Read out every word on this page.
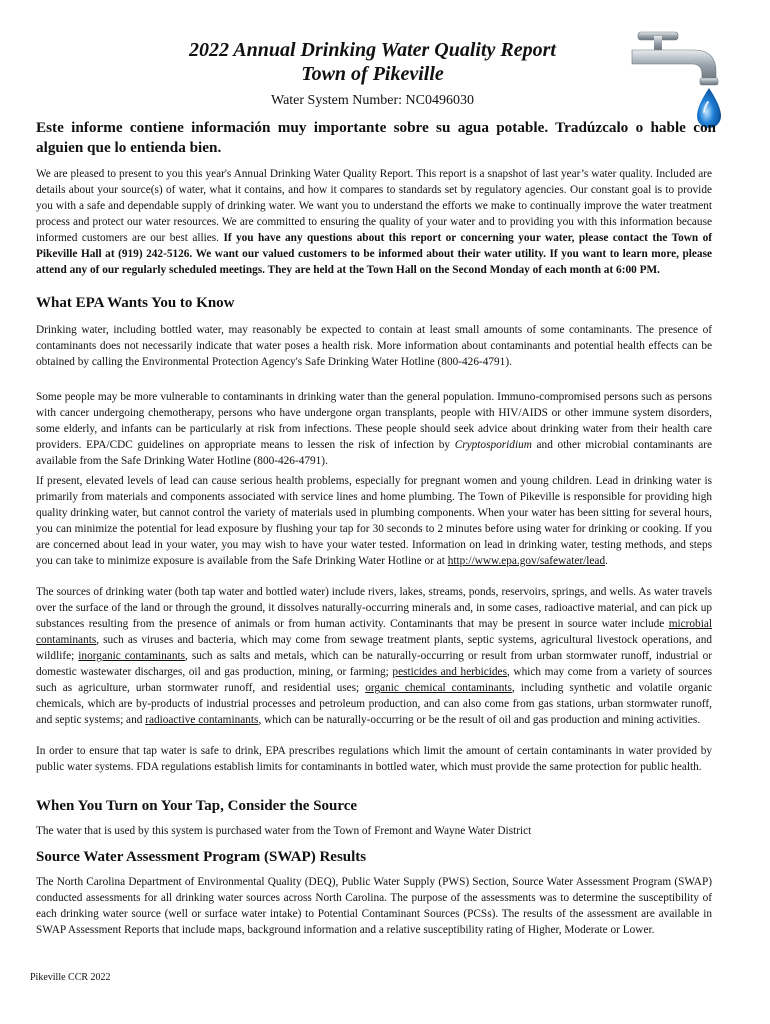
2022 Annual Drinking Water Quality Report
Town of Pikeville
Water System Number: NC0496030
Este informe contiene información muy importante sobre su agua potable. Tradúzcalo o hable con alguien que lo entienda bien.
We are pleased to present to you this year's Annual Drinking Water Quality Report. This report is a snapshot of last year’s water quality. Included are details about your source(s) of water, what it contains, and how it compares to standards set by regulatory agencies. Our constant goal is to provide you with a safe and dependable supply of drinking water. We want you to understand the efforts we make to continually improve the water treatment process and protect our water resources. We are committed to ensuring the quality of your water and to providing you with this information because informed customers are our best allies. If you have any questions about this report or concerning your water, please contact the Town of Pikeville Hall at (919) 242-5126. We want our valued customers to be informed about their water utility. If you want to learn more, please attend any of our regularly scheduled meetings. They are held at the Town Hall on the Second Monday of each month at 6:00 PM.
What EPA Wants You to Know
Drinking water, including bottled water, may reasonably be expected to contain at least small amounts of some contaminants. The presence of contaminants does not necessarily indicate that water poses a health risk. More information about contaminants and potential health effects can be obtained by calling the Environmental Protection Agency's Safe Drinking Water Hotline (800-426-4791).
Some people may be more vulnerable to contaminants in drinking water than the general population. Immuno-compromised persons such as persons with cancer undergoing chemotherapy, persons who have undergone organ transplants, people with HIV/AIDS or other immune system disorders, some elderly, and infants can be particularly at risk from infections. These people should seek advice about drinking water from their health care providers. EPA/CDC guidelines on appropriate means to lessen the risk of infection by Cryptosporidium and other microbial contaminants are available from the Safe Drinking Water Hotline (800-426-4791).
If present, elevated levels of lead can cause serious health problems, especially for pregnant women and young children. Lead in drinking water is primarily from materials and components associated with service lines and home plumbing. The Town of Pikeville is responsible for providing high quality drinking water, but cannot control the variety of materials used in plumbing components. When your water has been sitting for several hours, you can minimize the potential for lead exposure by flushing your tap for 30 seconds to 2 minutes before using water for drinking or cooking. If you are concerned about lead in your water, you may wish to have your water tested. Information on lead in drinking water, testing methods, and steps you can take to minimize exposure is available from the Safe Drinking Water Hotline or at http://www.epa.gov/safewater/lead.
The sources of drinking water (both tap water and bottled water) include rivers, lakes, streams, ponds, reservoirs, springs, and wells. As water travels over the surface of the land or through the ground, it dissolves naturally-occurring minerals and, in some cases, radioactive material, and can pick up substances resulting from the presence of animals or from human activity. Contaminants that may be present in source water include microbial contaminants, such as viruses and bacteria, which may come from sewage treatment plants, septic systems, agricultural livestock operations, and wildlife; inorganic contaminants, such as salts and metals, which can be naturally-occurring or result from urban stormwater runoff, industrial or domestic wastewater discharges, oil and gas production, mining, or farming; pesticides and herbicides, which may come from a variety of sources such as agriculture, urban stormwater runoff, and residential uses; organic chemical contaminants, including synthetic and volatile organic chemicals, which are by-products of industrial processes and petroleum production, and can also come from gas stations, urban stormwater runoff, and septic systems; and radioactive contaminants, which can be naturally-occurring or be the result of oil and gas production and mining activities.
In order to ensure that tap water is safe to drink, EPA prescribes regulations which limit the amount of certain contaminants in water provided by public water systems. FDA regulations establish limits for contaminants in bottled water, which must provide the same protection for public health.
When You Turn on Your Tap, Consider the Source
The water that is used by this system is purchased water from the Town of Fremont and Wayne Water District
Source Water Assessment Program (SWAP) Results
The North Carolina Department of Environmental Quality (DEQ), Public Water Supply (PWS) Section, Source Water Assessment Program (SWAP) conducted assessments for all drinking water sources across North Carolina. The purpose of the assessments was to determine the susceptibility of each drinking water source (well or surface water intake) to Potential Contaminant Sources (PCSs). The results of the assessment are available in SWAP Assessment Reports that include maps, background information and a relative susceptibility rating of Higher, Moderate or Lower.
Pikeville CCR 2022
